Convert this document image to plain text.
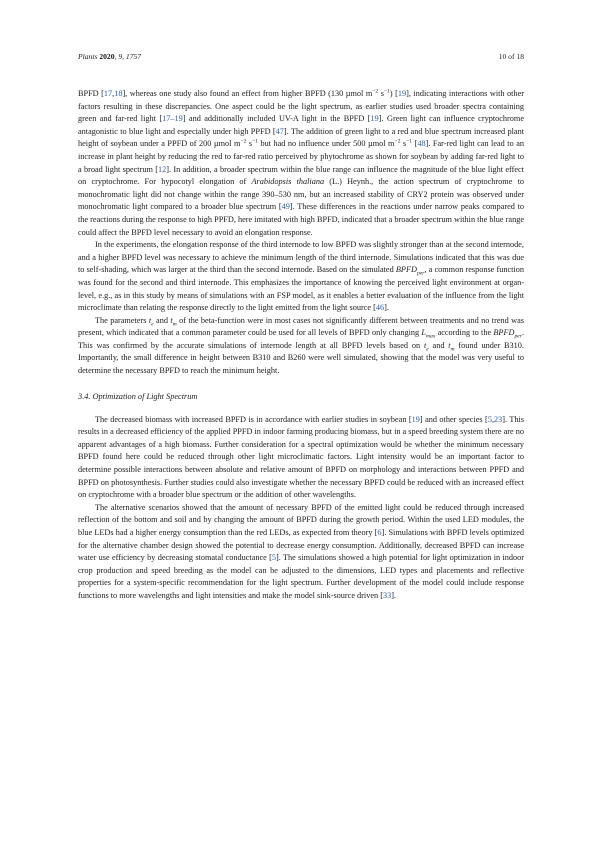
Plants 2020, 9, 1757	10 of 18

BPFD [17,18], whereas one study also found an effect from higher BPFD (130 µmol $m^{-2}$ $s^{-1}$) [19], indicating interactions with other factors resulting in these discrepancies. One aspect could be the light spectrum, as earlier studies used broader spectra containing green and far-red light [17–19] and additionally included UV-A light in the BPFD [19]. Green light can influence cryptochrome antagonistic to blue light and especially under high PPFD [47]. The addition of green light to a red and blue spectrum increased plant height of soybean under a PPFD of 200 µmol $m^{-2}$ $s^{-1}$ but had no influence under 500 µmol $m^{-2}$ $s^{-1}$ [48]. Far-red light can lead to an increase in plant height by reducing the red to far-red ratio perceived by phytochrome as shown for soybean by adding far-red light to a broad light spectrum [12]. In addition, a broader spectrum within the blue range can influence the magnitude of the blue light effect on cryptochrome. For hypocotyl elongation of Arabidopsis thaliana (L.) Heynh., the action spectrum of cryptochrome to monochromatic light did not change within the range 390–530 nm, but an increased stability of CRY2 protein was observed under monochromatic light compared to a broader blue spectrum [49]. These differences in the reactions under narrow peaks compared to the reactions during the response to high PPFD, here imitated with high BPFD, indicated that a broader spectrum within the blue range could affect the BPFD level necessary to avoid an elongation response.

In the experiments, the elongation response of the third internode to low BPFD was slightly stronger than at the second internode, and a higher BPFD level was necessary to achieve the minimum length of the third internode. Simulations indicated that this was due to self-shading, which was larger at the third than the second internode. Based on the simulated $BPFD_{per}$, a common response function was found for the second and third internode. This emphasizes the importance of knowing the perceived light environment at organ-level, e.g., as in this study by means of simulations with an FSP model, as it enables a better evaluation of the influence from the light microclimate than relating the response directly to the light emitted from the light source [46].

The parameters $t_e$ and $t_m$ of the beta-function were in most cases not significantly different between treatments and no trend was present, which indicated that a common parameter could be used for all levels of BPFD only changing $L_{max}$ according to the $BPFD_{per}$. This was confirmed by the accurate simulations of internode length at all BPFD levels based on $t_e$ and $t_m$ found under B310. Importantly, the small difference in height between B310 and B260 were well simulated, showing that the model was very useful to determine the necessary BPFD to reach the minimum height.

3.4. Optimization of Light Spectrum

The decreased biomass with increased BPFD is in accordance with earlier studies in soybean [19] and other species [5,23]. This results in a decreased efficiency of the applied PPFD in indoor farming producing biomass, but in a speed breeding system there are no apparent advantages of a high biomass. Further consideration for a spectral optimization would be whether the minimum necessary BPFD found here could be reduced through other light microclimatic factors. Light intensity would be an important factor to determine possible interactions between absolute and relative amount of BPFD on morphology and interactions between PPFD and BPFD on photosynthesis. Further studies could also investigate whether the necessary BPFD could be reduced with an increased effect on cryptochrome with a broader blue spectrum or the addition of other wavelengths.

The alternative scenarios showed that the amount of necessary BPFD of the emitted light could be reduced through increased reflection of the bottom and soil and by changing the amount of BPFD during the growth period. Within the used LED modules, the blue LEDs had a higher energy consumption than the red LEDs, as expected from theory [6]. Simulations with BPFD levels optimized for the alternative chamber design showed the potential to decrease energy consumption. Additionally, decreased BPFD can increase water use efficiency by decreasing stomatal conductance [5]. The simulations showed a high potential for light optimization in indoor crop production and speed breeding as the model can be adjusted to the dimensions, LED types and placements and reflective properties for a system-specific recommendation for the light spectrum. Further development of the model could include response functions to more wavelengths and light intensities and make the model sink-source driven [33].
